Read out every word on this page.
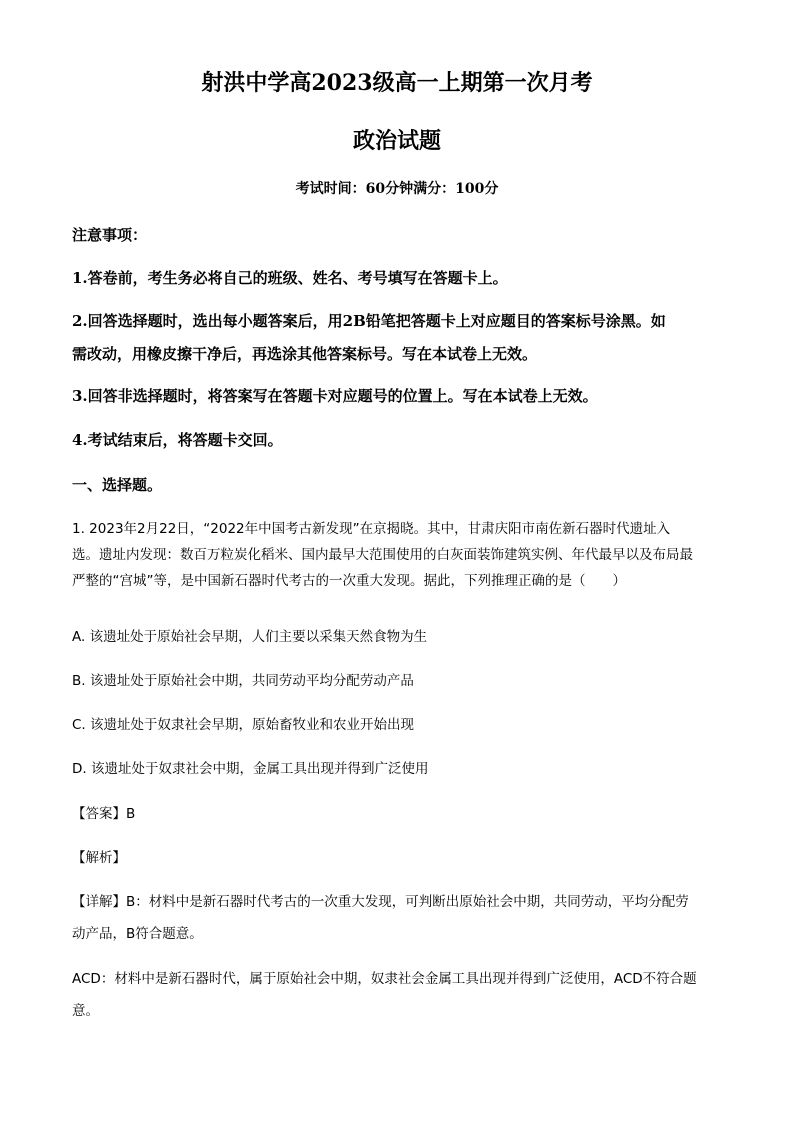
射洪中学高2023级高一上期第一次月考
政治试题
考试时间：60分钟满分：100分
注意事项：
1.答卷前，考生务必将自己的班级、姓名、考号填写在答题卡上。
2.回答选择题时，选出每小题答案后，用2B铅笔把答题卡上对应题目的答案标号涂黑。如
需改动，用橡皮擦干净后，再选涂其他答案标号。写在本试卷上无效。
3.回答非选择题时，将答案写在答题卡对应题号的位置上。写在本试卷上无效。
4.考试结束后，将答题卡交回。
一、选择题。
1. 2023年2月22日，“2022年中国考古新发现”在京揭晓。其中，甘肃庆阳市南佐新石器时代遗址入
选。遗址内发现：数百万粒炭化稻米、国内最早大范围使用的白灰面装饰建筑实例、年代最早以及布局最
严整的“宫城”等，是中国新石器时代考古的一次重大发现。据此，下列推理正确的是（　　）
A. 该遗址处于原始社会早期，人们主要以采集天然食物为生
B. 该遗址处于原始社会中期，共同劳动平均分配劳动产品
C. 该遗址处于奴隶社会早期，原始畜牧业和农业开始出现
D. 该遗址处于奴隶社会中期，金属工具出现并得到广泛使用
【答案】B
【解析】
【详解】B：材料中是新石器时代考古的一次重大发现，可判断出原始社会中期，共同劳动，平均分配劳
动产品，B符合题意。
ACD：材料中是新石器时代，属于原始社会中期，奴隶社会金属工具出现并得到广泛使用，ACD不符合题
意。
